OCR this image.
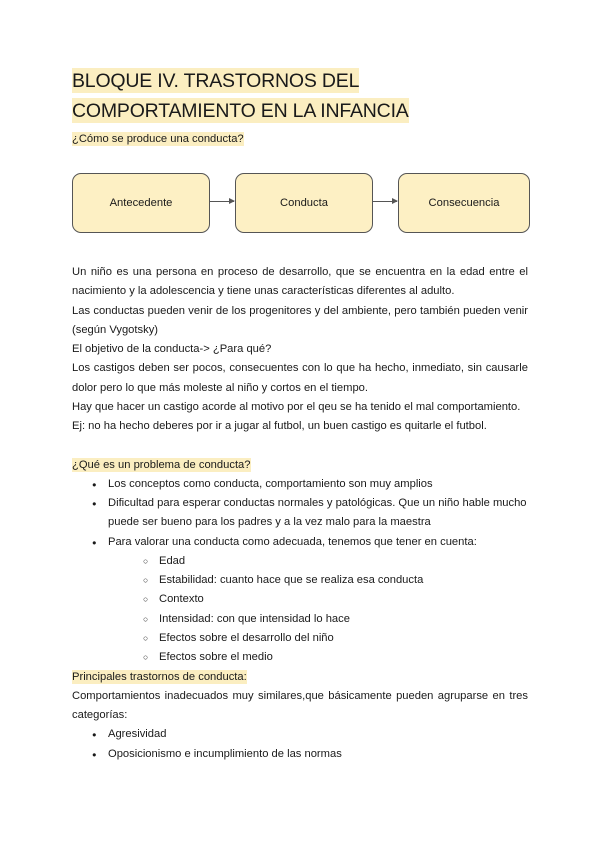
BLOQUE IV. TRASTORNOS DEL COMPORTAMIENTO EN LA INFANCIA

¿Cómo se produce una conducta?

Antecedente	Conducta	Consecuencia

Un niño es una persona en proceso de desarrollo, que se encuentra en la edad entre el nacimiento y la adolescencia y tiene unas características diferentes al adulto.

Las conductas pueden venir de los progenitores y del ambiente, pero también pueden venir (según Vygotsky)

El objetivo de la conducta-> ¿Para qué?

Los castigos deben ser pocos, consecuentes con lo que ha hecho, inmediato, sin causarle dolor pero lo que más moleste al niño y cortos en el tiempo.

Hay que hacer un castigo acorde al motivo por el qeu se ha tenido el mal comportamiento.

Ej: no ha hecho deberes por ir a jugar al futbol, un buen castigo es quitarle el futbol.

¿Qué es un problema de conducta?

● Los conceptos como conducta, comportamiento son muy amplios
● Dificultad para esperar conductas normales y patológicas. Que un niño hable mucho puede ser bueno para los padres y a la vez malo para la maestra
● Para valorar una conducta como adecuada, tenemos que tener en cuenta:
○ Edad
○ Estabilidad: cuanto hace que se realiza esa conducta
○ Contexto
○ Intensidad: con que intensidad lo hace
○ Efectos sobre el desarrollo del niño
○ Efectos sobre el medio

Principales trastornos de conducta:

Comportamientos inadecuados muy similares,que básicamente pueden agruparse en tres categorías:

● Agresividad
● Oposicionismo e incumplimiento de las normas
